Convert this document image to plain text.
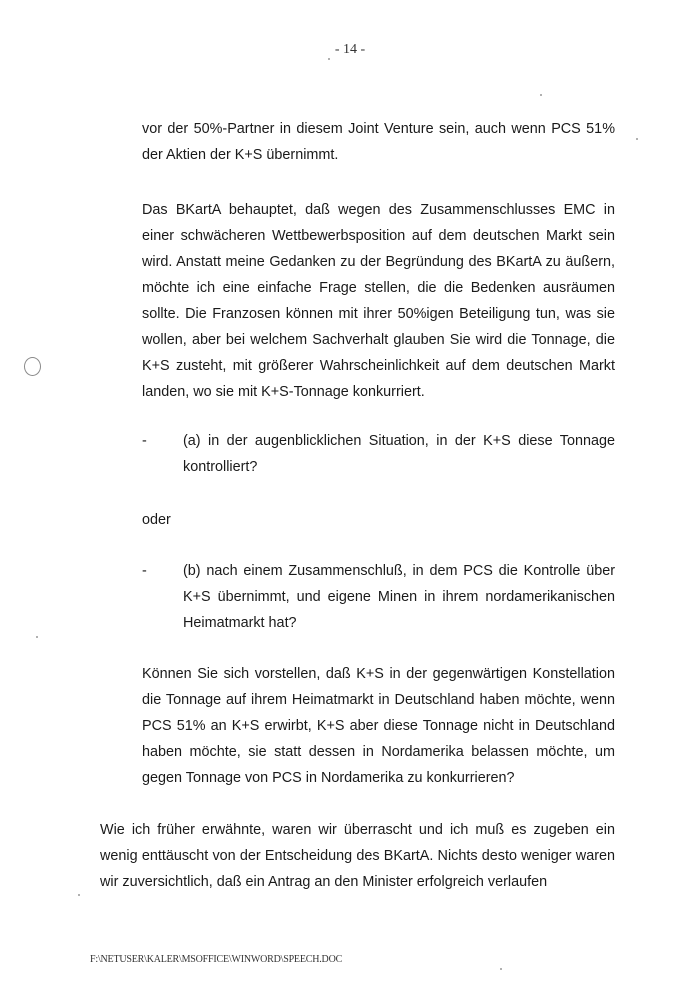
- 14 -

vor der 50%-Partner in diesem Joint Venture sein, auch wenn PCS 51% der Aktien der K+S übernimmt.

Das BKartA behauptet, daß wegen des Zusammenschlusses EMC in einer schwächeren Wettbewerbsposition auf dem deutschen Markt sein wird. Anstatt meine Gedanken zu der Begründung des BKartA zu äußern, möchte ich eine einfache Frage stellen, die die Bedenken ausräumen sollte. Die Franzosen können mit ihrer 50%igen Beteiligung tun, was sie wollen, aber bei welchem Sachverhalt glauben Sie wird die Tonnage, die K+S zusteht, mit größerer Wahrscheinlichkeit auf dem deutschen Markt landen, wo sie mit K+S-Tonnage konkurriert.

-	(a) in der augenblicklichen Situation, in der K+S diese Tonnage kontrolliert?

oder

-	(b) nach einem Zusammenschluß, in dem PCS die Kontrolle über K+S übernimmt, und eigene Minen in ihrem nordamerikanischen Heimatmarkt hat?

Können Sie sich vorstellen, daß K+S in der gegenwärtigen Konstellation die Tonnage auf ihrem Heimatmarkt in Deutschland haben möchte, wenn PCS 51% an K+S erwirbt, K+S aber diese Tonnage nicht in Deutschland haben möchte, sie statt dessen in Nordamerika belassen möchte, um gegen Tonnage von PCS in Nordamerika zu konkurrieren?

Wie ich früher erwähnte, waren wir überrascht und ich muß es zugeben ein wenig enttäuscht von der Entscheidung des BKartA. Nichts desto weniger waren wir zuversichtlich, daß ein Antrag an den Minister erfolgreich verlaufen

F:\NETUSER\KALER\MSOFFICE\WINWORD\SPEECH.DOC
